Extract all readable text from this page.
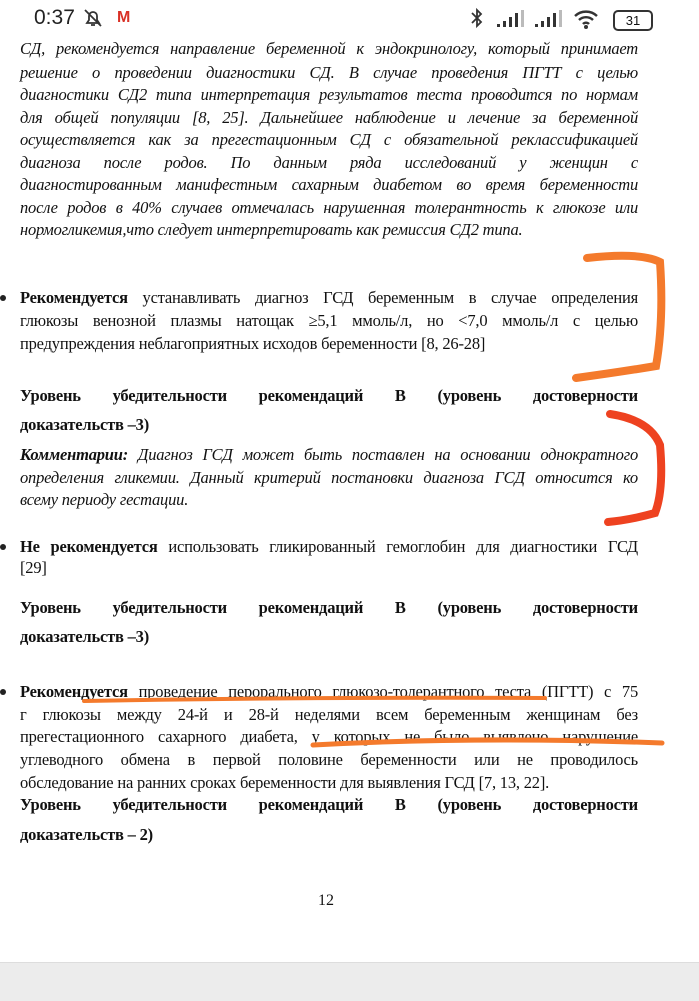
0:37	M	31
СД, рекомендуется направление беременной к эндокринологу, который принимает
решение о проведении диагностики СД. В случае проведения ПГТТ с целью
диагностики СД2 типа интерпретация результатов теста проводится по нормам
для общей популяции [8, 25]. Дальнейшее наблюдение и лечение за беременной
осуществляется как за прегестационным СД с обязательной реклассификацией
диагноза после родов. По данным ряда исследований у женщин с
диагностированным манифестным сахарным диабетом во время беременности
после родов в 40% случаев отмечалась нарушенная толерантность к глюкозе или
нормогликемия,что следует интерпретировать как ремиссия СД2 типа.
Рекомендуется устанавливать диагноз ГСД беременным в случае определения
глюкозы венозной плазмы натощак ≥5,1 ммоль/л, но <7,0 ммоль/л с целью
предупреждения неблагоприятных исходов беременности [8, 26-28]
Уровень убедительности рекомендаций В (уровень достоверности
доказательств –3)
Комментарии: Диагноз ГСД может быть поставлен на основании однократного
определения гликемии. Данный критерий постановки диагноза ГСД относится ко
всему периоду гестации.
Не рекомендуется использовать гликированный гемоглобин для диагностики ГСД
[29]
Уровень убедительности рекомендаций В (уровень достоверности
доказательств –3)
Рекомендуется проведение перорального глюкозо-толерантного теста (ПГТТ) с 75
г глюкозы между 24-й и 28-й неделями всем беременным женщинам без
прегестационного сахарного диабета, у которых не было выявлено нарушение
углеводного обмена в первой половине беременности или не проводилось
обследование на ранних сроках беременности для выявления ГСД [7, 13, 22].
Уровень убедительности рекомендаций В (уровень достоверности
доказательств – 2)
12
